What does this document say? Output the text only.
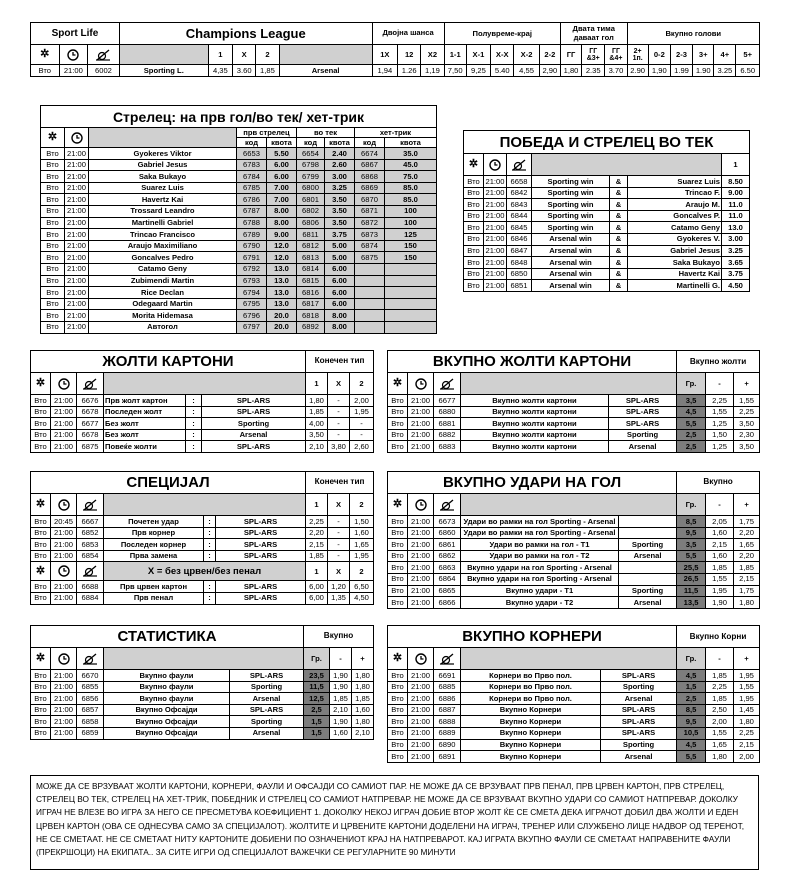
Sport Life			Champions League					Двојна шанса			Полувреме-крај					Двата тима даваат гол			Вкупно голови					
✲				1	X	2		1X	12	X2	1-1	X-1	X-X	X-2	2-2	ГГ	ГГ &3+	ГГ &4+	2+ 1п.	0-2	2-3	3+	4+	5+
Вто	21:00	6002	Sporting L.	4,35	3.60	1,85	Arsenal	1,94	1.26	1,19	7,50	9,25	5.40	4,55	2,90	1,80	2.35	3.70	2.90	1,90	1.99	1.90	3.25	6.50
Стрелец: на прв гол/во тек/ хет-трик								
✲			прв стрелец		во тек		хет-трик	
			код	квота	код	квота	код	квота
Вто	21:00	Gyokeres Viktor	6653	5.50	6654	2.40	6674	35.0
Вто	21:00	Gabriel Jesus	6783	6.00	6798	2.60	6867	45.0
Вто	21:00	Saka Bukayo	6784	6.00	6799	3.00	6868	75.0
Вто	21:00	Suarez Luis	6785	7.00	6800	3.25	6869	85.0
Вто	21:00	Havertz Kai	6786	7.00	6801	3.50	6870	85.0
Вто	21:00	Trossard Leandro	6787	8.00	6802	3.50	6871	100
Вто	21:00	Martinelli Gabriel	6788	8.00	6806	3.50	6872	100
Вто	21:00	Trincao Francisco	6789	9.00	6811	3.75	6873	125
Вто	21:00	Araujo Maximiliano	6790	12.0	6812	5.00	6874	150
Вто	21:00	Goncalves Pedro	6791	12.0	6813	5.00	6875	150
Вто	21:00	Catamo Geny	6792	13.0	6814	6.00		
Вто	21:00	Zubimendi Martin	6793	13.0	6815	6.00		
Вто	21:00	Rice Declan	6794	13.0	6816	6.00		
Вто	21:00	Odegaard Martin	6795	13.0	6817	6.00		
Вто	21:00	Morita Hidemasa	6796	20.0	6818	8.00		
Вто	21:00	Автогол	6797	20.0	6892	8.00		
ПОБЕДА И СТРЕЛЕЦ ВО ТЕК						
✲						1
Вто	21:00	6658	Sporting win	&	Suarez Luis	8.50
Вто	21:00	6842	Sporting win	&	Trincao F.	9.00
Вто	21:00	6843	Sporting win	&	Araujo M.	11.0
Вто	21:00	6844	Sporting win	&	Goncalves P.	11.0
Вто	21:00	6845	Sporting win	&	Catamo Geny	13.0
Вто	21:00	6846	Arsenal win	&	Gyokeres V.	3.00
Вто	21:00	6847	Arsenal win	&	Gabriel Jesus	3.25
Вто	21:00	6848	Arsenal win	&	Saka Bukayo	3.65
Вто	21:00	6850	Arsenal win	&	Havertz Kai	3.75
Вто	21:00	6851	Arsenal win	&	Martinelli G.	4.50
ЖОЛТИ КАРТОНИ						Конечен тип		
✲						1	X	2
Вто	21:00	6676	Прв жолт картон	:	SPL-ARS	1,80	-	2,00
Вто	21:00	6678	Последен жолт	:	SPL-ARS	1,85	-	1,95
Вто	21:00	6677	Без жолт	:	Sporting	4,00	-	-
Вто	21:00	6678	Без жолт	:	Arsenal	3,50	-	-
Вто	21:00	6875	Повеќе жолти	:	SPL-ARS	2,10	3,80	2,60
ВКУПНО ЖОЛТИ КАРТОНИ					Вкупно жолти		
✲					Гр.	-	+
Вто	21:00	6677	Вкупно жолти картони	SPL-ARS	3,5	2,25	1,55
Вто	21:00	6880	Вкупно жолти картони	SPL-ARS	4,5	1,55	2,25
Вто	21:00	6881	Вкупно жолти картони	SPL-ARS	5,5	1,25	3,50
Вто	21:00	6882	Вкупно жолти картони	Sporting	2,5	1,50	2,30
Вто	21:00	6883	Вкупно жолти картони	Arsenal	2,5	1,25	3,50
СПЕЦИЈАЛ						Конечен тип		
✲						1	X	2
Вто	20:45	6667	Почетен удар	:	SPL-ARS	2,25	-	1,50
Вто	21:00	6852	Прв корнер	:	SPL-ARS	2,20	-	1,60
Вто	21:00	6853	Последен корнер	:	SPL-ARS	2,15	-	1,65
Вто	21:00	6854	Прва замена	:	SPL-ARS	1,85	-	1,95
✲			X = без црвен/без пенал			1	X	2
Вто	21:00	6688	Прв црвен картон	:	SPL-ARS	6,00	1,20	6,50
Вто	21:00	6884	Прв пенал	:	SPL-ARS	6,00	1,35	4,50
ВКУПНО УДАРИ НА ГОЛ					Вкупно		
✲					Гр.	-	+
Вто	21:00	6673	Удари во рамки на гол Sporting - Arsenal		8,5	2,05	1,75
Вто	21:00	6860	Удари во рамки на гол Sporting - Arsenal		9,5	1,60	2,20
Вто	21:00	6861	Удари во рамки на гол - Т1	Sporting	3,5	2,15	1,65
Вто	21:00	6862	Удари во рамки на гол - Т2	Arsenal	5,5	1,60	2,20
Вто	21:00	6863	Вкупно удари на гол Sporting - Arsenal		25,5	1,85	1,85
Вто	21:00	6864	Вкупно удари на гол Sporting - Arsenal		26,5	1,55	2,15
Вто	21:00	6865	Вкупно удари - Т1	Sporting	11,5	1,95	1,75
Вто	21:00	6866	Вкупно удари - Т2	Arsenal	13,5	1,90	1,80
СТАТИСТИКА					Вкупно		
✲					Гр.	-	+
Вто	21:00	6670	Вкупно фаули	SPL-ARS	23,5	1,90	1,80
Вто	21:00	6855	Вкупно фаули	Sporting	11,5	1,90	1,80
Вто	21:00	6856	Вкупно фаули	Arsenal	12,5	1,85	1,85
Вто	21:00	6857	Вкупно Офсајди	SPL-ARS	2,5	2,10	1,60
Вто	21:00	6858	Вкупно Офсајди	Sporting	1,5	1,90	1,80
Вто	21:00	6859	Вкупно Офсајди	Arsenal	1,5	1,60	2,10
ВКУПНО КОРНЕРИ					Вкупно Корни		
✲					Гр.	-	+
Вто	21:00	6691	Корнери во Прво пол.	SPL-ARS	4,5	1,85	1,95
Вто	21:00	6885	Корнери во Прво пол.	Sporting	1,5	2,25	1,55
Вто	21:00	6886	Корнери во Прво пол.	Arsenal	2,5	1,85	1,95
Вто	21:00	6887	Вкупно Корнери	SPL-ARS	8,5	2,50	1,45
Вто	21:00	6888	Вкупно Корнери	SPL-ARS	9,5	2,00	1,80
Вто	21:00	6889	Вкупно Корнери	SPL-ARS	10,5	1,55	2,25
Вто	21:00	6890	Вкупно Корнери	Sporting	4,5	1,65	2,15
Вто	21:00	6891	Вкупно Корнери	Arsenal	5,5	1,80	2,00
МОЖЕ ДА СЕ ВРЗУВААТ ЖОЛТИ КАРТОНИ, КОРНЕРИ, ФАУЛИ И ОФСАJДИ СО САМИОТ ПАР. НЕ МОЖЕ ДА СЕ ВРЗУВААТ ПРВ ПЕНАЛ, ПРВ ЦРВЕН КАРТОН, ПРВ СТРЕЛЕЦ, СТРЕЛЕЦ ВО ТЕК, СТРЕЛЕЦ НА ХЕТ-ТРИК, ПОБЕДНИК И СТРЕЛЕЦ СО САМИОТ НАТПРЕВАР. НЕ МОЖЕ ДА СЕ ВРЗУВААТ ВКУПНО УДАРИ СО САМИОТ НАТПРЕВАР. ДОКОЛКУ ИГРАЧ НЕ ВЛЕЗЕ ВО ИГРА ЗА НЕГО СЕ ПРЕСМЕТУВА КОЕФИЦИЕНТ 1. ДОКОЛКУ НЕКОЈ ИГРАЧ ДОБИЕ ВТОР ЖОЛТ ЌЕ СЕ СМЕТА ДЕКА ИГРАЧОТ ДОБИЛ ДВА ЖОЛТИ И ЕДЕН ЦРВЕН КАРТОН (ОВА СЕ ОДНЕСУВА САМО ЗА СПЕЦИЈАЛОТ). ЖОЛТИТЕ И ЦРВЕНИТЕ КАРТОНИ ДОДЕЛЕНИ НА ИГРАЧ, ТРЕНЕР ИЛИ СЛУЖБЕНО ЛИЦЕ НАДВОР ОД ТЕРЕНОТ, НЕ СЕ СМЕТААТ. НЕ СЕ СМЕТААТ НИТУ КАРТОНИТЕ ДОБИЕНИ ПО ОЗНАЧЕНИОТ КРАЈ НА НАТПРЕВАРОТ. КАЈ ИГРАТА ВКУПНО ФАУЛИ СЕ СМЕТААТ НАПРАВЕНИТЕ ФАУЛИ (ПРЕКРШОЦИ) НА ЕКИПАТА.. ЗА СИТЕ ИГРИ ОД СПЕЦИЈАЛОТ ВАЖЕЧКИ СЕ РЕГУЛАРНИТЕ 90 МИНУТИ
